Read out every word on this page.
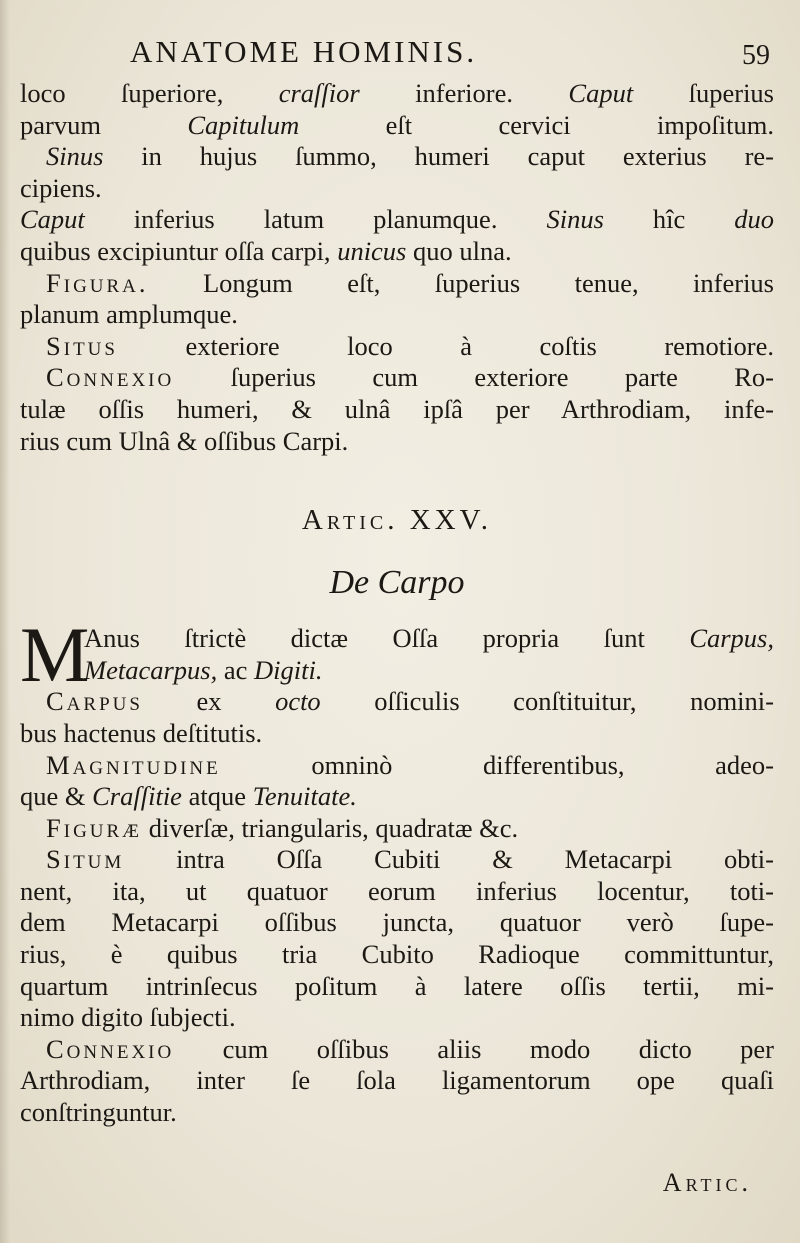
ANATOME HOMINIS.	59
loco ſuperiore, craſſior inferiore. Caput ſuperius
parvum Capitulum eſt cervici impoſitum.
Sinus in hujus ſummo, humeri caput exterius re-
cipiens.
Caput inferius latum planumque. Sinus hîc duo
quibus excipiuntur oſſa carpi, unicus quo ulna.
Figura. Longum eſt, ſuperius tenue, inferius
planum amplumque.
Situs exteriore loco à coſtis remotiore.
Connexio ſuperius cum exteriore parte Ro-
tulæ oſſis humeri, & ulnâ ipſâ per Arthrodiam, infe-
rius cum Ulnâ & oſſibus Carpi.
Artic. XXV.
De Carpo
M
Anus ſtrictè dictæ Oſſa propria ſunt Carpus,
Metacarpus, ac Digiti.
Carpus ex octo oſſiculis conſtituitur, nomini-
bus hactenus deſtitutis.
Magnitudine omninò differentibus, adeo-
que & Craſſitie atque Tenuitate.
Figuræ diverſæ, triangularis, quadratæ &c.
Situm intra Oſſa Cubiti & Metacarpi obti-
nent, ita, ut quatuor eorum inferius locentur, toti-
dem Metacarpi oſſibus juncta, quatuor verò ſupe-
rius, è quibus tria Cubito Radioque committuntur,
quartum intrinſecus poſitum à latere oſſis tertii, mi-
nimo digito ſubjecti.
Connexio cum oſſibus aliis modo dicto per
Arthrodiam, inter ſe ſola ligamentorum ope quaſi
conſtringuntur.
Artic.
